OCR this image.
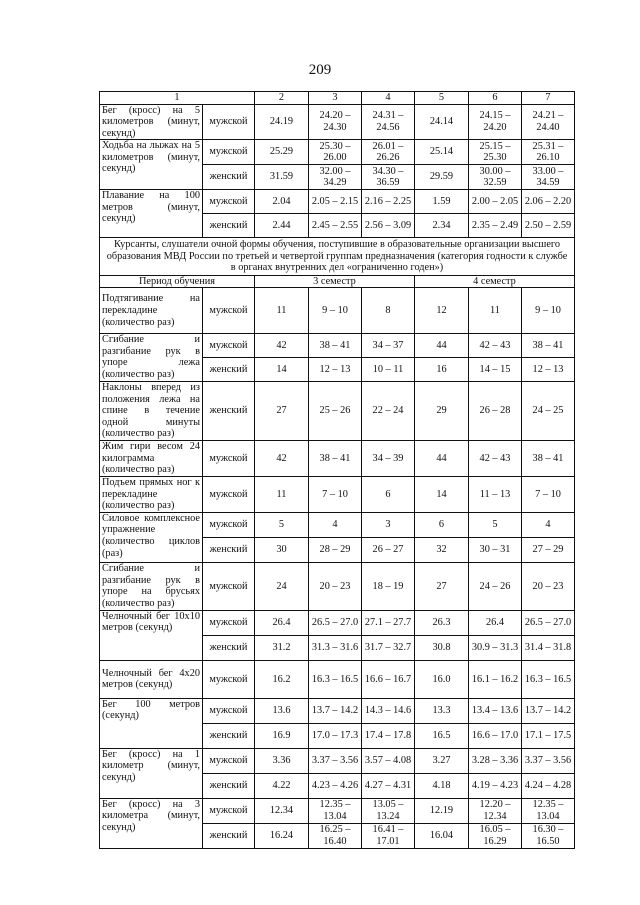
209
1		2	3	4	5	6	7
Бег (кросс) на 5 километров (минут, секунд)	мужской	24.19	24.20 – 24.30	24.31 – 24.56	24.14	24.15 – 24.20	24.21 – 24.40
Ходьба на лыжах на 5 километров (минут, секунд)	мужской	25.29	25.30 – 26.00	26.01 – 26.26	25.14	25.15 – 25.30	25.31 – 26.10
	женский	31.59	32.00 – 34.29	34.30 – 36.59	29.59	30.00 – 32.59	33.00 – 34.59
Плавание на 100 метров (минут, секунд)	мужской	2.04	2.05 – 2.15	2.16 – 2.25	1.59	2.00 – 2.05	2.06 – 2.20
	женский	2.44	2.45 – 2.55	2.56 – 3.09	2.34	2.35 – 2.49	2.50 – 2.59
Курсанты, слушатели очной формы обучения, поступившие в образовательные организации высшего образования МВД России по третьей и четвертой группам предназначения (категория годности к службе в органах внутренних дел «ограниченно годен»)							
Период обучения		3 семестр			4 семестр		
Подтягивание на перекладине (количество раз)	мужской	11	9 – 10	8	12	11	9 – 10
Сгибание и разгибание рук в упоре лежа (количество раз)	мужской	42	38 – 41	34 – 37	44	42 – 43	38 – 41
	женский	14	12 – 13	10 – 11	16	14 – 15	12 – 13
Наклоны вперед из положения лежа на спине в течение одной минуты (количество раз)	женский	27	25 – 26	22 – 24	29	26 – 28	24 – 25
Жим гири весом 24 килограмма (количество раз)	мужской	42	38 – 41	34 – 39	44	42 – 43	38 – 41
Подъем прямых ног к перекладине (количество раз)	мужской	11	7 – 10	6	14	11 – 13	7 – 10
Силовое комплексное упражнение (количество циклов (раз)	мужской	5	4	3	6	5	4
	женский	30	28 – 29	26 – 27	32	30 – 31	27 – 29
Сгибание и разгибание рук в упоре на брусьях (количество раз)	мужской	24	20 – 23	18 – 19	27	24 – 26	20 – 23
Челночный бег 10х10 метров (секунд)	мужской	26.4	26.5 – 27.0	27.1 – 27.7	26.3	26.4	26.5 – 27.0
	женский	31.2	31.3 – 31.6	31.7 – 32.7	30.8	30.9 – 31.3	31.4 – 31.8
Челночный бег 4х20 метров (секунд)	мужской	16.2	16.3 – 16.5	16.6 – 16.7	16.0	16.1 – 16.2	16.3 – 16.5
Бег 100 метров (секунд)	мужской	13.6	13.7 – 14.2	14.3 – 14.6	13.3	13.4 – 13.6	13.7 – 14.2
	женский	16.9	17.0 – 17.3	17.4 – 17.8	16.5	16.6 – 17.0	17.1 – 17.5
Бег (кросс) на 1 километр (минут, секунд)	мужской	3.36	3.37 – 3.56	3.57 – 4.08	3.27	3.28 – 3.36	3.37 – 3.56
	женский	4.22	4.23 – 4.26	4.27 – 4.31	4.18	4.19 – 4.23	4.24 – 4.28
Бег (кросс) на 3 километра (минут, секунд)	мужской	12.34	12.35 – 13.04	13.05 – 13.24	12.19	12.20 – 12.34	12.35 – 13.04
	женский	16.24	16.25 – 16.40	16.41 – 17.01	16.04	16.05 – 16.29	16.30 – 16.50
